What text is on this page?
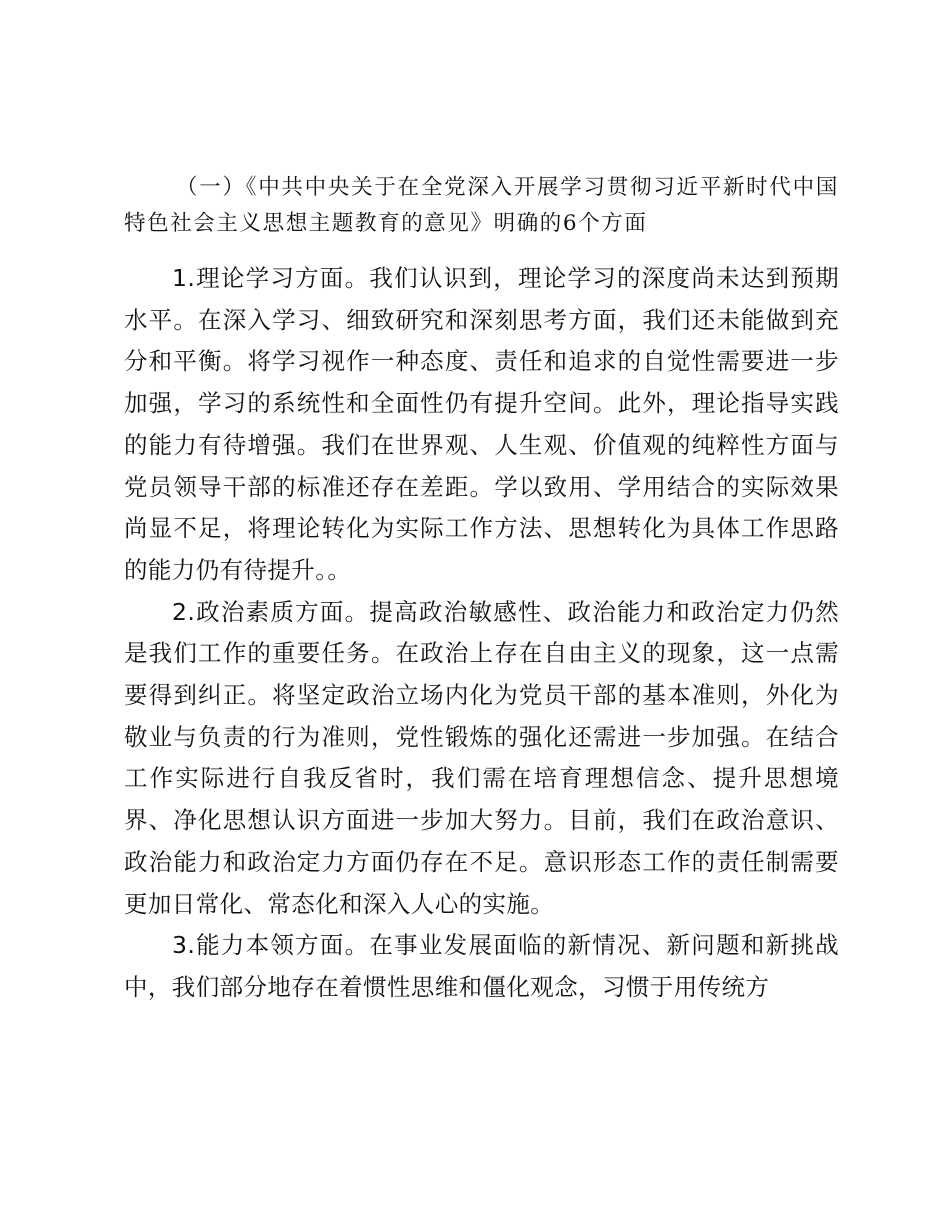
（一）《中共中央关于在全党深入开展学习贯彻习近平新时代中国特色社会主义思想主题教育的意见》明确的6个方面

1.理论学习方面。我们认识到，理论学习的深度尚未达到预期水平。在深入学习、细致研究和深刻思考方面，我们还未能做到充分和平衡。将学习视作一种态度、责任和追求的自觉性需要进一步加强，学习的系统性和全面性仍有提升空间。此外，理论指导实践的能力有待增强。我们在世界观、人生观、价值观的纯粹性方面与党员领导干部的标准还存在差距。学以致用、学用结合的实际效果尚显不足，将理论转化为实际工作方法、思想转化为具体工作思路的能力仍有待提升。。

2.政治素质方面。提高政治敏感性、政治能力和政治定力仍然是我们工作的重要任务。在政治上存在自由主义的现象，这一点需要得到纠正。将坚定政治立场内化为党员干部的基本准则，外化为敬业与负责的行为准则，党性锻炼的强化还需进一步加强。在结合工作实际进行自我反省时，我们需在培育理想信念、提升思想境界、净化思想认识方面进一步加大努力。目前，我们在政治意识、政治能力和政治定力方面仍存在不足。意识形态工作的责任制需要更加日常化、常态化和深入人心的实施。

3.能力本领方面。在事业发展面临的新情况、新问题和新挑战中，我们部分地存在着惯性思维和僵化观念，习惯于用传统方
